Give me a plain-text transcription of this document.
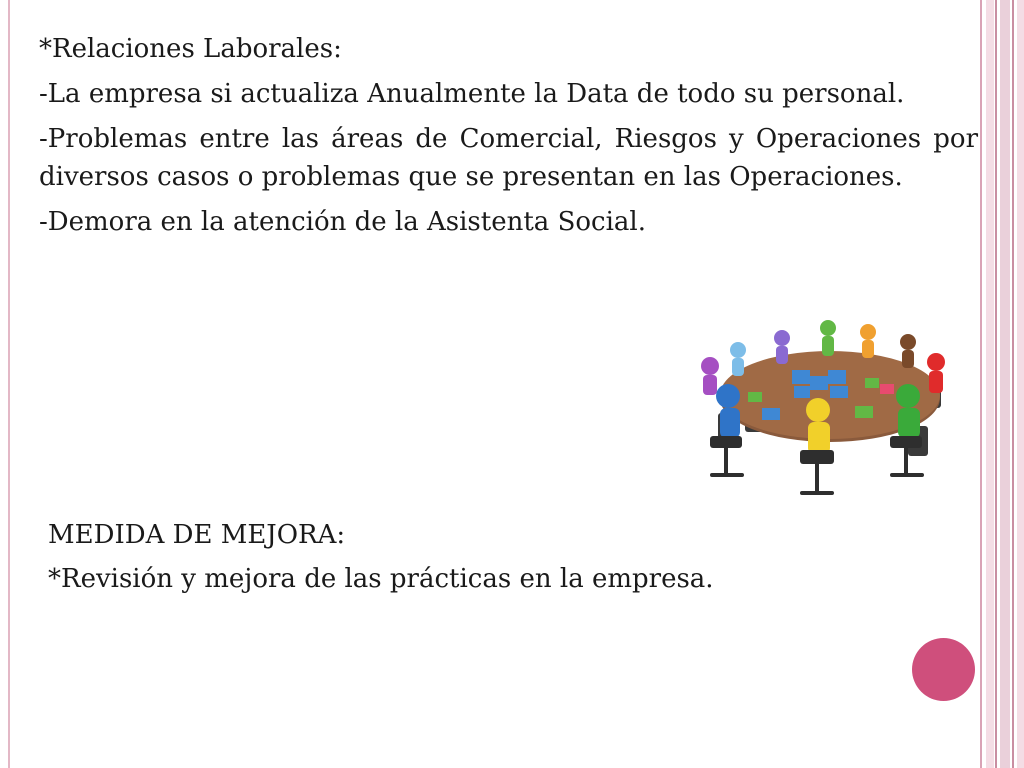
*Relaciones Laborales:

-La empresa si actualiza Anualmente la Data de todo su personal.

-Problemas entre las áreas de Comercial, Riesgos y Operaciones por diversos casos o problemas que se presentan en las Operaciones.

-Demora en la atención de la Asistenta Social.

MEDIDA DE MEJORA:

*Revisión y mejora de las prácticas en la empresa.
